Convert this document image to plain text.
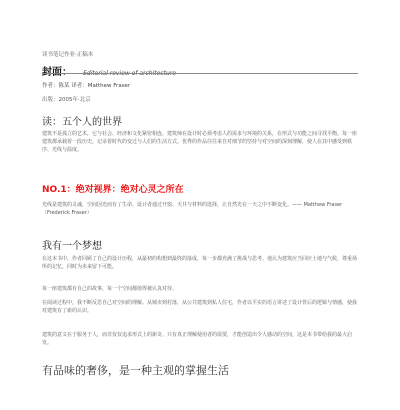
读书笔记作业·正稿本
作者：陈某 译者：Matthew Fraser
出版：2005年·北京
读：五个人的世界
建筑不是孤立的艺术，它与社会、经济和文化紧密相连。建筑师在设计时必须考虑人的需求与环境的关系，在形式与功能之间寻找平衡。每一座建筑都承载着一段历史，记录着时代的变迁与人们的生活方式。优秀的作品往往来自对细节的坚持与对空间的深刻理解，使人在其中感受到秩序、光线与温度。
NO.1：绝对视界：绝对心灵之所在
光线是建筑的灵魂，空间因光而有了生命。设计者通过开窗、天井与材料的选择，让自然光在一天之中不断变化。—— Matthew Fraser（Frederick Fraser）
我有一个梦想
在这本书中，作者回顾了自己的设计历程，从最初的构想到最终的落成，每一步都充满了挑战与思考。他认为建筑应当回应土地与气候，尊重场所的记忆，同时为未来留下可能。
每一座建筑都有自己的故事，每一个空间都值得被认真对待。
在阅读过程中，我不断反思自己对空间的理解。从城市到村落，从公共建筑到私人住宅，作者以平实的语言讲述了设计背后的逻辑与情感，使我对建筑有了新的认识。
建筑的意义在于服务于人，而非仅仅追求形式上的新奇。只有真正理解使用者的需要，才能创造出令人感动的空间，这是本书带给我的最大启发。
有品味的奢侈，是一种主观的掌握生活
